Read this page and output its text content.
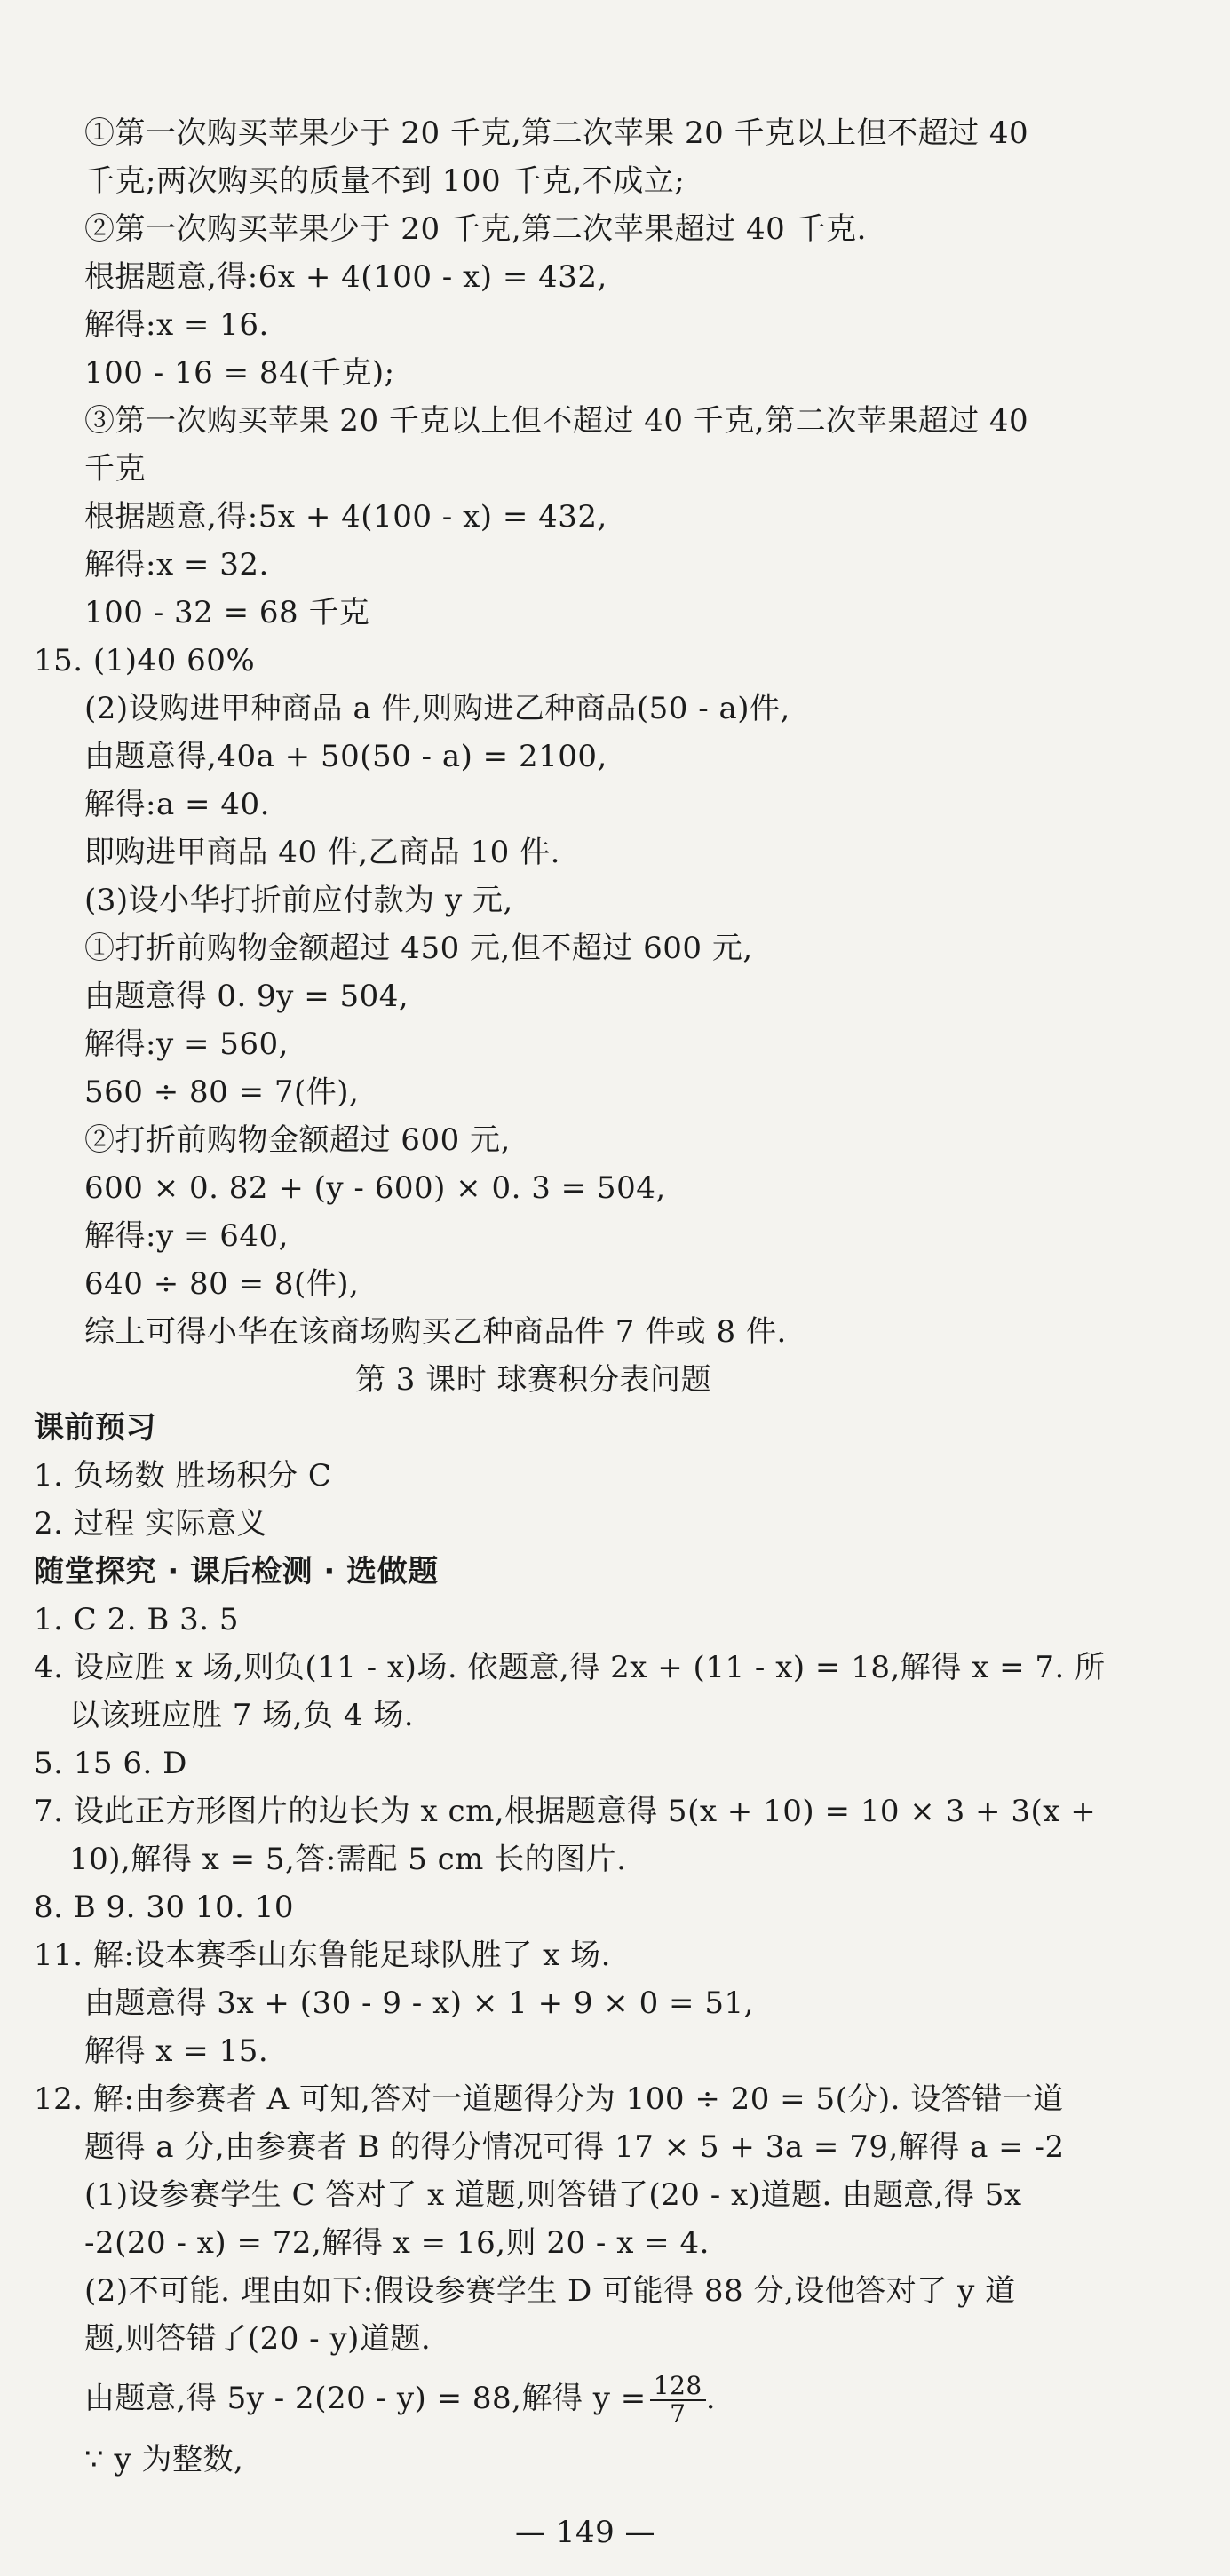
①第一次购买苹果少于 20 千克,第二次苹果 20 千克以上但不超过 40
千克;两次购买的质量不到 100 千克,不成立;
②第一次购买苹果少于 20 千克,第二次苹果超过 40 千克.
根据题意,得:6x + 4(100 - x) = 432,
解得:x = 16.
100 - 16 = 84(千克);
③第一次购买苹果 20 千克以上但不超过 40 千克,第二次苹果超过 40
千克
根据题意,得:5x + 4(100 - x) = 432,
解得:x = 32.
100 - 32 = 68 千克
15. (1)40 60%
(2)设购进甲种商品 a 件,则购进乙种商品(50 - a)件,
由题意得,40a + 50(50 - a) = 2100,
解得:a = 40.
即购进甲商品 40 件,乙商品 10 件.
(3)设小华打折前应付款为 y 元,
①打折前购物金额超过 450 元,但不超过 600 元,
由题意得 0. 9y = 504,
解得:y = 560,
560 ÷ 80 = 7(件),
②打折前购物金额超过 600 元,
600 × 0. 82 + (y - 600) × 0. 3 = 504,
解得:y = 640,
640 ÷ 80 = 8(件),
综上可得小华在该商场购买乙种商品件 7 件或 8 件.
第 3 课时 球赛积分表问题
课前预习
1. 负场数 胜场积分 C
2. 过程 实际意义
随堂探究 · 课后检测 · 选做题
1. C 2. B 3. 5
4. 设应胜 x 场,则负(11 - x)场. 依题意,得 2x + (11 - x) = 18,解得 x = 7. 所
以该班应胜 7 场,负 4 场.
5. 15 6. D
7. 设此正方形图片的边长为 x cm,根据题意得 5(x + 10) = 10 × 3 + 3(x +
10),解得 x = 5,答:需配 5 cm 长的图片.
8. B 9. 30 10. 10
11. 解:设本赛季山东鲁能足球队胜了 x 场.
由题意得 3x + (30 - 9 - x) × 1 + 9 × 0 = 51,
解得 x = 15.
12. 解:由参赛者 A 可知,答对一道题得分为 100 ÷ 20 = 5(分). 设答错一道
题得 a 分,由参赛者 B 的得分情况可得 17 × 5 + 3a = 79,解得 a = -2
(1)设参赛学生 C 答对了 x 道题,则答错了(20 - x)道题. 由题意,得 5x
-2(20 - x) = 72,解得 x = 16,则 20 - x = 4.
(2)不可能. 理由如下:假设参赛学生 D 可能得 88 分,设他答对了 y 道
题,则答错了(20 - y)道题.
由题意,得 5y - 2(20 - y) = 88,解得 $y = \frac{128}{7}$ .
∵ y 为整数,
— 149 —
